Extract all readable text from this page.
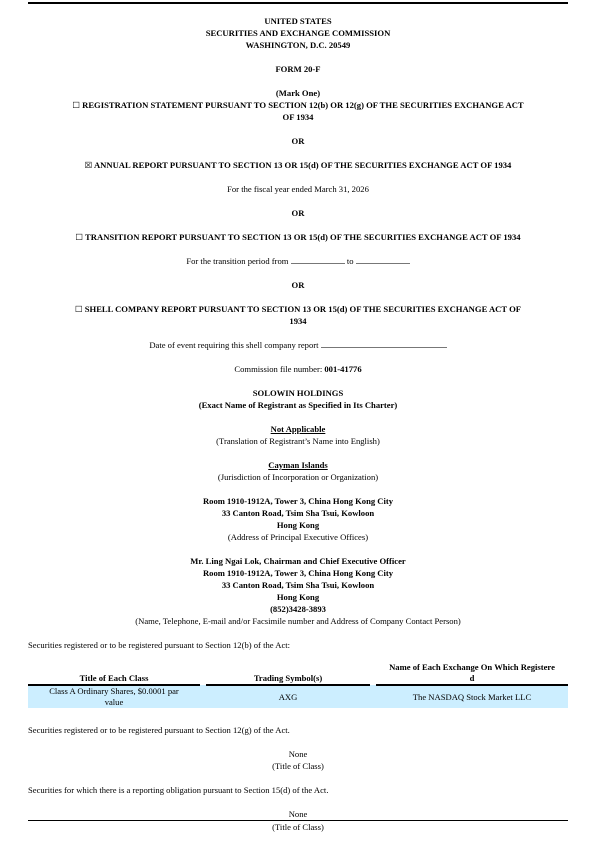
UNITED STATES
SECURITIES AND EXCHANGE COMMISSION
WASHINGTON, D.C. 20549
FORM 20-F
(Mark One)
☐ REGISTRATION STATEMENT PURSUANT TO SECTION 12(b) OR 12(g) OF THE SECURITIES EXCHANGE ACT
OF 1934
OR
☒ ANNUAL REPORT PURSUANT TO SECTION 13 OR 15(d) OF THE SECURITIES EXCHANGE ACT OF 1934
For the fiscal year ended March 31, 2026
OR
☐ TRANSITION REPORT PURSUANT TO SECTION 13 OR 15(d) OF THE SECURITIES EXCHANGE ACT OF 1934
For the transition period from	to
OR
☐ SHELL COMPANY REPORT PURSUANT TO SECTION 13 OR 15(d) OF THE SECURITIES EXCHANGE ACT OF
1934
Date of event requiring this shell company report
Commission file number: 001-41776
SOLOWIN HOLDINGS
(Exact Name of Registrant as Specified in Its Charter)
Not Applicable
(Translation of Registrant’s Name into English)
Cayman Islands
(Jurisdiction of Incorporation or Organization)
Room 1910-1912A, Tower 3, China Hong Kong City
33 Canton Road, Tsim Sha Tsui, Kowloon
Hong Kong
(Address of Principal Executive Offices)
Mr. Ling Ngai Lok, Chairman and Chief Executive Officer
Room 1910-1912A, Tower 3, China Hong Kong City
33 Canton Road, Tsim Sha Tsui, Kowloon
Hong Kong
(852)3428-3893
(Name, Telephone, E-mail and/or Facsimile number and Address of Company Contact Person)
Securities registered or to be registered pursuant to Section 12(b) of the Act:
Title of Each Class		Trading Symbol(s)		Name of Each Exchange On Which Registere
d

Class A Ordinary Shares, $0.0001 par
value		AXG		The NASDAQ Stock Market LLC
Securities registered or to be registered pursuant to Section 12(g) of the Act.
None
(Title of Class)
Securities for which there is a reporting obligation pursuant to Section 15(d) of the Act.
None
(Title of Class)
